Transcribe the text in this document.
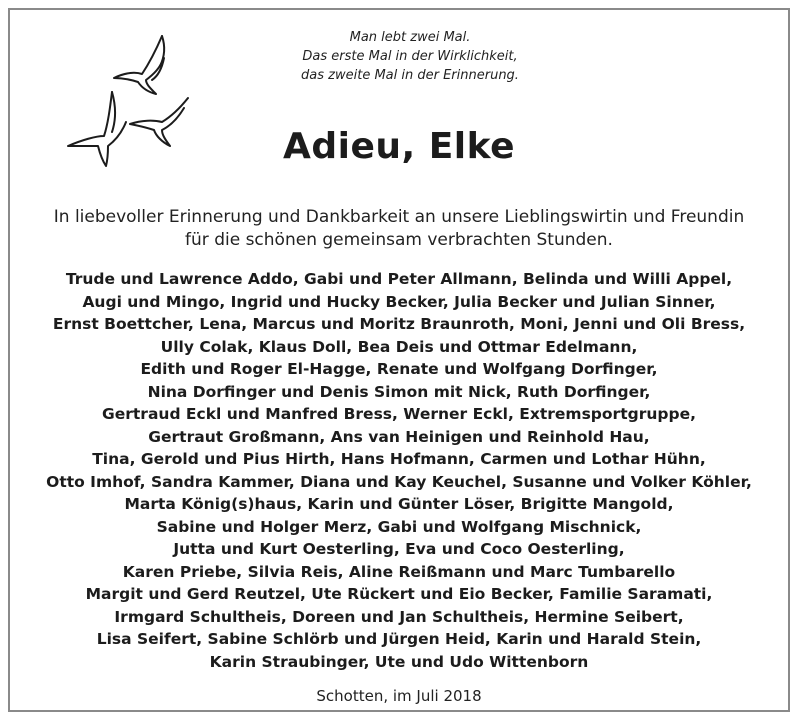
Man lebt zwei Mal.
Das erste Mal in der Wirklichkeit,
das zweite Mal in der Erinnerung.
Adieu, Elke
In liebevoller Erinnerung und Dankbarkeit an unsere Lieblingswirtin und Freundin
für die schönen gemeinsam verbrachten Stunden.
Trude und Lawrence Addo, Gabi und Peter Allmann, Belinda und Willi Appel,
Augi und Mingo, Ingrid und Hucky Becker, Julia Becker und Julian Sinner,
Ernst Boettcher, Lena, Marcus und Moritz Braunroth, Moni, Jenni und Oli Bress,
Ully Colak, Klaus Doll, Bea Deis und Ottmar Edelmann,
Edith und Roger El-Hagge, Renate und Wolfgang Dorfinger,
Nina Dorfinger und Denis Simon mit Nick, Ruth Dorfinger,
Gertraud Eckl und Manfred Bress, Werner Eckl, Extremsportgruppe,
Gertraut Großmann, Ans van Heinigen und Reinhold Hau,
Tina, Gerold und Pius Hirth, Hans Hofmann, Carmen und Lothar Hühn,
Otto Imhof, Sandra Kammer, Diana und Kay Keuchel, Susanne und Volker Köhler,
Marta König(s)haus, Karin und Günter Löser, Brigitte Mangold,
Sabine und Holger Merz, Gabi und Wolfgang Mischnick,
Jutta und Kurt Oesterling, Eva und Coco Oesterling,
Karen Priebe, Silvia Reis, Aline Reißmann und Marc Tumbarello
Margit und Gerd Reutzel, Ute Rückert und Eio Becker, Familie Saramati,
Irmgard Schultheis, Doreen und Jan Schultheis, Hermine Seibert,
Lisa Seifert, Sabine Schlörb und Jürgen Heid, Karin und Harald Stein,
Karin Straubinger, Ute und Udo Wittenborn
Schotten, im Juli 2018
